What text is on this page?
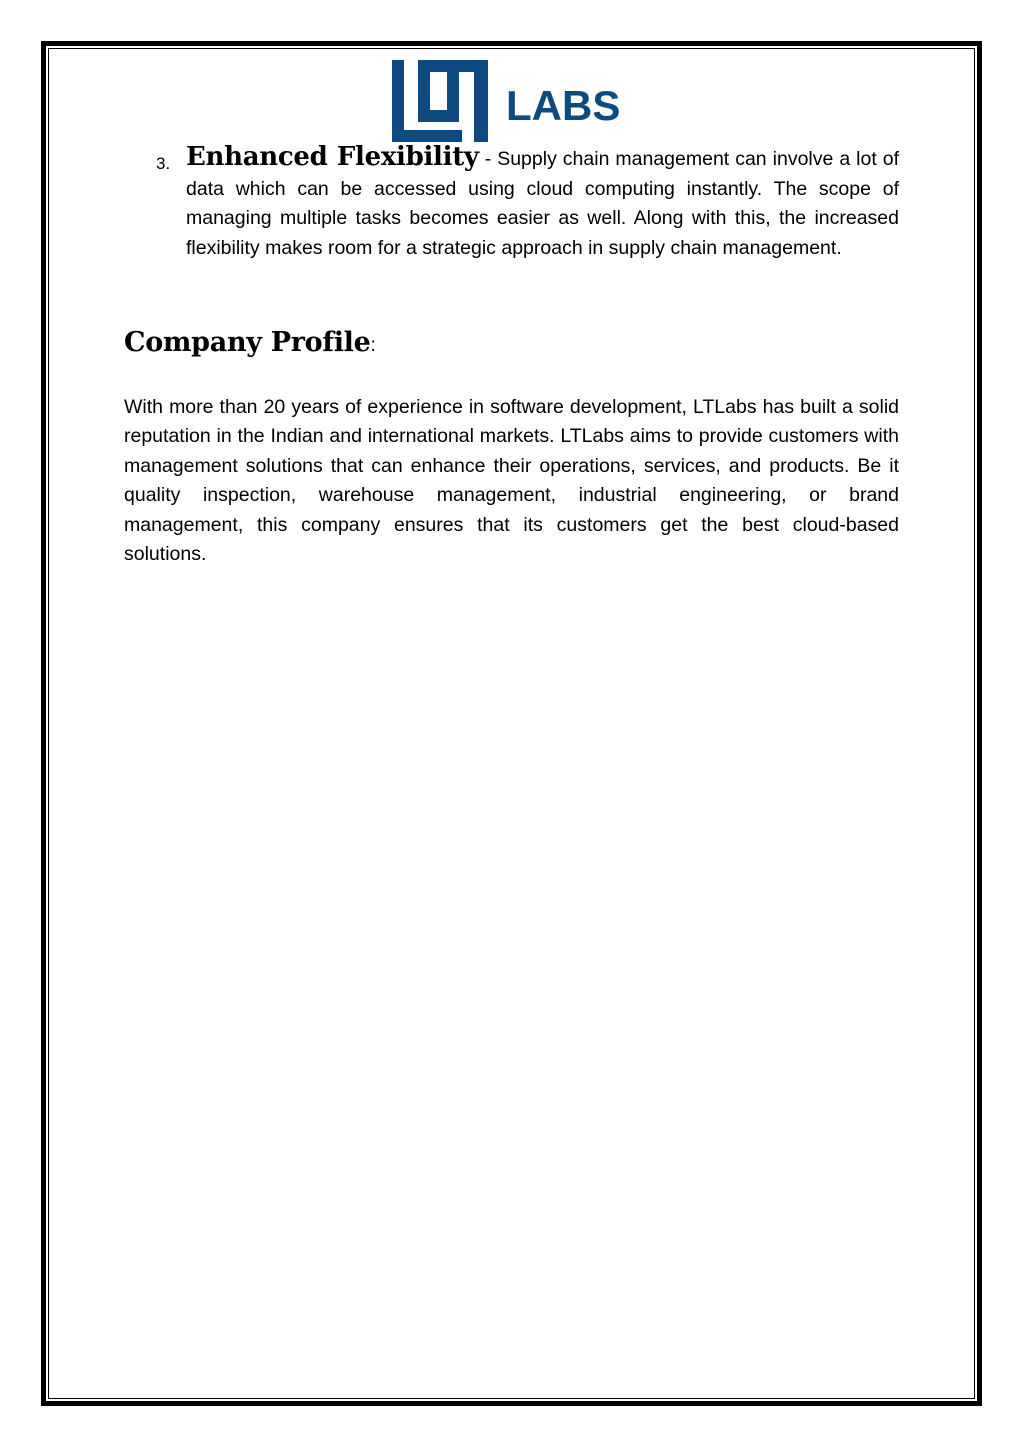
LABS
3. Enhanced Flexibility - Supply chain management can involve a lot of data which can be accessed using cloud computing instantly. The scope of managing multiple tasks becomes easier as well. Along with this, the increased flexibility makes room for a strategic approach in supply chain management.
Company Profile:

With more than 20 years of experience in software development, LTLabs has built a solid reputation in the Indian and international markets. LTLabs aims to provide customers with management solutions that can enhance their operations, services, and products. Be it quality inspection, warehouse management, industrial engineering, or brand management, this company ensures that its customers get the best cloud-based solutions.
